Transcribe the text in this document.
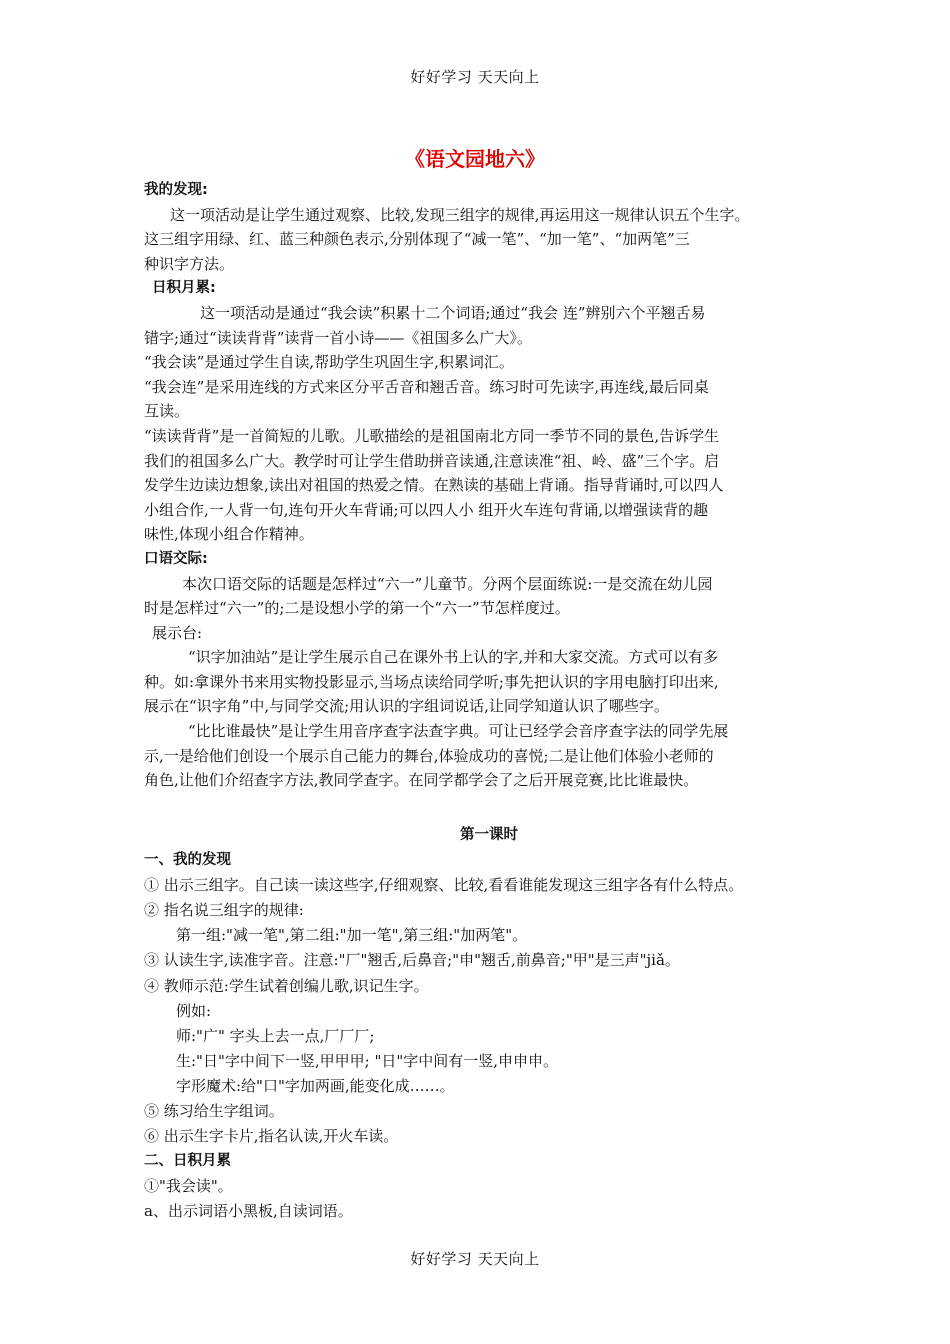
好好学习 天天向上
《语文园地六》

我的发现:

这一项活动是让学生通过观察、比较,发现三组字的规律,再运用这一规律认识五个生字。

这三组字用绿、红、蓝三种颜色表示,分别体现了“减一笔”、“加一笔”、“加两笔”三

种识字方法。

日积月累:

这一项活动是通过“我会读”积累十二个词语;通过“我会 连”辨别六个平翘舌易

错字;通过“读读背背”读背一首小诗——《祖国多么广大》。

“我会读”是通过学生自读,帮助学生巩固生字,积累词汇。

“我会连”是采用连线的方式来区分平舌音和翘舌音。练习时可先读字,再连线,最后同桌

互读。

“读读背背”是一首简短的儿歌。儿歌描绘的是祖国南北方同一季节不同的景色,告诉学生

我们的祖国多么广大。教学时可让学生借助拼音读通,注意读准“祖、岭、盛”三个字。启

发学生边读边想象,读出对祖国的热爱之情。在熟读的基础上背诵。指导背诵时,可以四人

小组合作,一人背一句,连句开火车背诵;可以四人小 组开火车连句背诵,以增强读背的趣

味性,体现小组合作精神。

口语交际:

本次口语交际的话题是怎样过“六一”儿童节。分两个层面练说:一是交流在幼儿园

时是怎样过“六一”的;二是设想小学的第一个“六一”节怎样度过。

展示台:

“识字加油站”是让学生展示自己在课外书上认的字,并和大家交流。方式可以有多

种。如:拿课外书来用实物投影显示,当场点读给同学听;事先把认识的字用电脑打印出来,

展示在“识字角”中,与同学交流;用认识的字组词说话,让同学知道认识了哪些字。

“比比谁最快”是让学生用音序查字法查字典。可让已经学会音序查字法的同学先展

示,一是给他们创设一个展示自己能力的舞台,体验成功的喜悦;二是让他们体验小老师的

角色,让他们介绍查字方法,教同学查字。在同学都学会了之后开展竞赛,比比谁最快。

第一课时

一、我的发现

① 出示三组字。自己读一读这些字,仔细观察、比较,看看谁能发现这三组字各有什么特点。

② 指名说三组字的规律:

第一组:"减一笔",第二组:"加一笔",第三组:"加两笔"。

③ 认读生字,读准字音。注意:"厂"翘舌,后鼻音;"申"翘舌,前鼻音;"甲"是三声"jiǎ。

④ 教师示范:学生试着创编儿歌,识记生字。

例如:

师:"广" 字头上去一点,厂厂厂;

生:"日"字中间下一竖,甲甲甲; "日"字中间有一竖,申申申。

字形魔术:给"口"字加两画,能变化成……。

⑤ 练习给生字组词。

⑥ 出示生字卡片,指名认读,开火车读。

二、日积月累

①"我会读"。

a、出示词语小黑板,自读词语。

好好学习 天天向上
